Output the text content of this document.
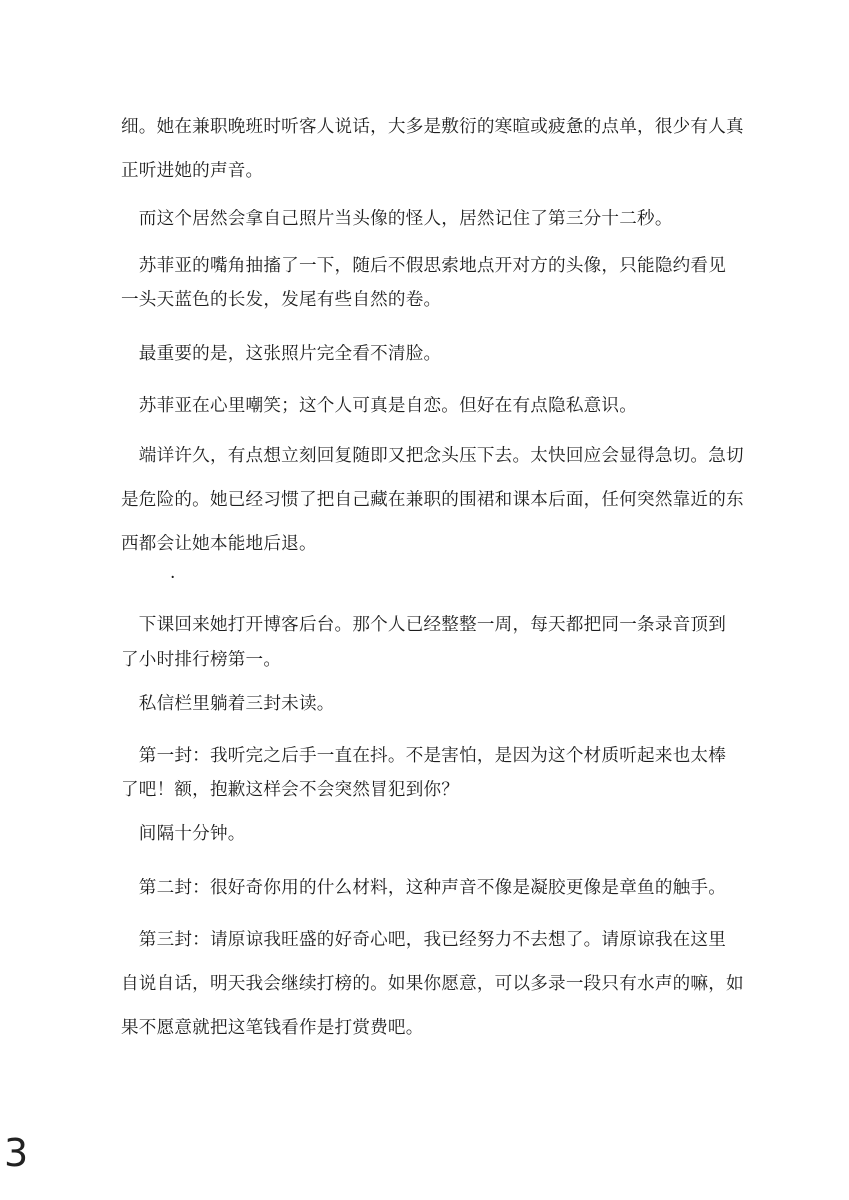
细。她在兼职晚班时听客人说话，大多是敷衍的寒暄或疲惫的点单，很少有人真
正听进她的声音。
　而这个居然会拿自己照片当头像的怪人，居然记住了第三分十二秒。
　苏菲亚的嘴角抽搐了一下，随后不假思索地点开对方的头像，只能隐约看见
一头天蓝色的长发，发尾有些自然的卷。
　最重要的是，这张照片完全看不清脸。
　苏菲亚在心里嘲笑；这个人可真是自恋。但好在有点隐私意识。
　端详许久，有点想立刻回复随即又把念头压下去。太快回应会显得急切。急切
是危险的。她已经习惯了把自己藏在兼职的围裙和课本后面，任何突然靠近的东
西都会让她本能地后退。
·
　下课回来她打开博客后台。那个人已经整整一周，每天都把同一条录音顶到
了小时排行榜第一。
　私信栏里躺着三封未读。
　第一封：我听完之后手一直在抖。不是害怕，是因为这个材质听起来也太棒
了吧！额，抱歉这样会不会突然冒犯到你？
　间隔十分钟。
　第二封：很好奇你用的什么材料，这种声音不像是凝胶更像是章鱼的触手。
　第三封：请原谅我旺盛的好奇心吧，我已经努力不去想了。请原谅我在这里
自说自话，明天我会继续打榜的。如果你愿意，可以多录一段只有水声的嘛，如
果不愿意就把这笔钱看作是打赏费吧。
3
